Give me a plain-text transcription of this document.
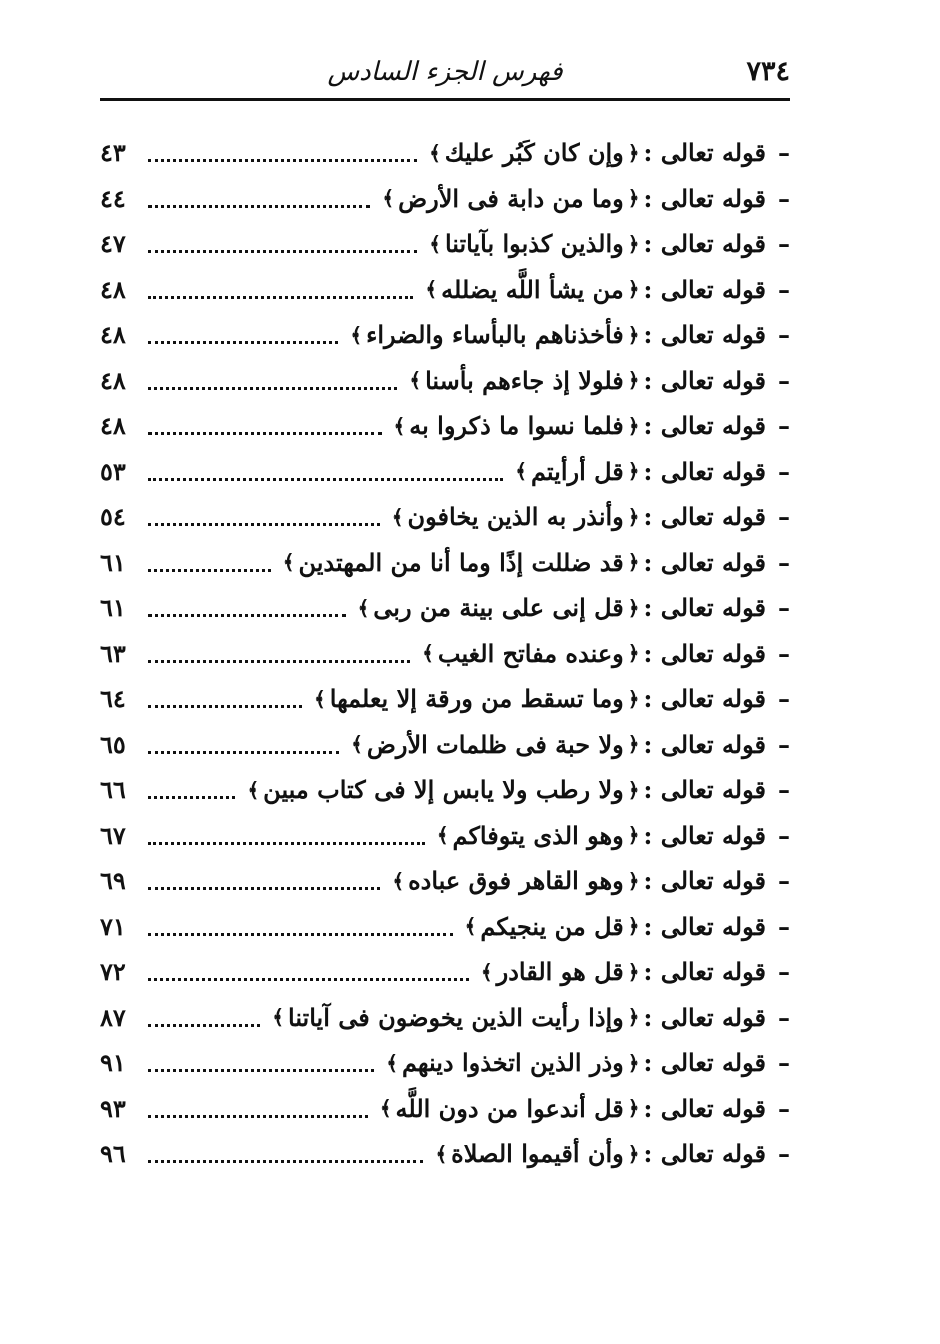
٧٣٤
فهرس الجزء السادس
–
قوله تعالى :
﴿
وإن كان كَبُر عليك
﴾
٤٣
–
قوله تعالى :
﴿
وما من دابة فى الأرض
﴾
٤٤
–
قوله تعالى :
﴿
والذين كذبوا بآياتنا
﴾
٤٧
–
قوله تعالى :
﴿
من يشأ اللَّه يضلله
﴾
٤٨
–
قوله تعالى :
﴿
فأخذناهم بالبأساء والضراء
﴾
٤٨
–
قوله تعالى :
﴿
فلولا إذ جاءهم بأسنا
﴾
٤٨
–
قوله تعالى :
﴿
فلما نسوا ما ذكروا به
﴾
٤٨
–
قوله تعالى :
﴿
قل أرأيتم
﴾
٥٣
–
قوله تعالى :
﴿
وأنذر به الذين يخافون
﴾
٥٤
–
قوله تعالى :
﴿
قد ضللت إذًا وما أنا من المهتدين
﴾
٦١
–
قوله تعالى :
﴿
قل إنى على بينة من ربى
﴾
٦١
–
قوله تعالى :
﴿
وعنده مفاتح الغيب
﴾
٦٣
–
قوله تعالى :
﴿
وما تسقط من ورقة إلا يعلمها
﴾
٦٤
–
قوله تعالى :
﴿
ولا حبة فى ظلمات الأرض
﴾
٦٥
–
قوله تعالى :
﴿
ولا رطب ولا يابس إلا فى كتاب مبين
﴾
٦٦
–
قوله تعالى :
﴿
وهو الذى يتوفاكم
﴾
٦٧
–
قوله تعالى :
﴿
وهو القاهر فوق عباده
﴾
٦٩
–
قوله تعالى :
﴿
قل من ينجيكم
﴾
٧١
–
قوله تعالى :
﴿
قل هو القادر
﴾
٧٢
–
قوله تعالى :
﴿
وإذا رأيت الذين يخوضون فى آياتنا
﴾
٨٧
–
قوله تعالى :
﴿
وذر الذين اتخذوا دينهم
﴾
٩١
–
قوله تعالى :
﴿
قل أندعوا من دون اللَّه
﴾
٩٣
–
قوله تعالى :
﴿
وأن أقيموا الصلاة
﴾
٩٦
